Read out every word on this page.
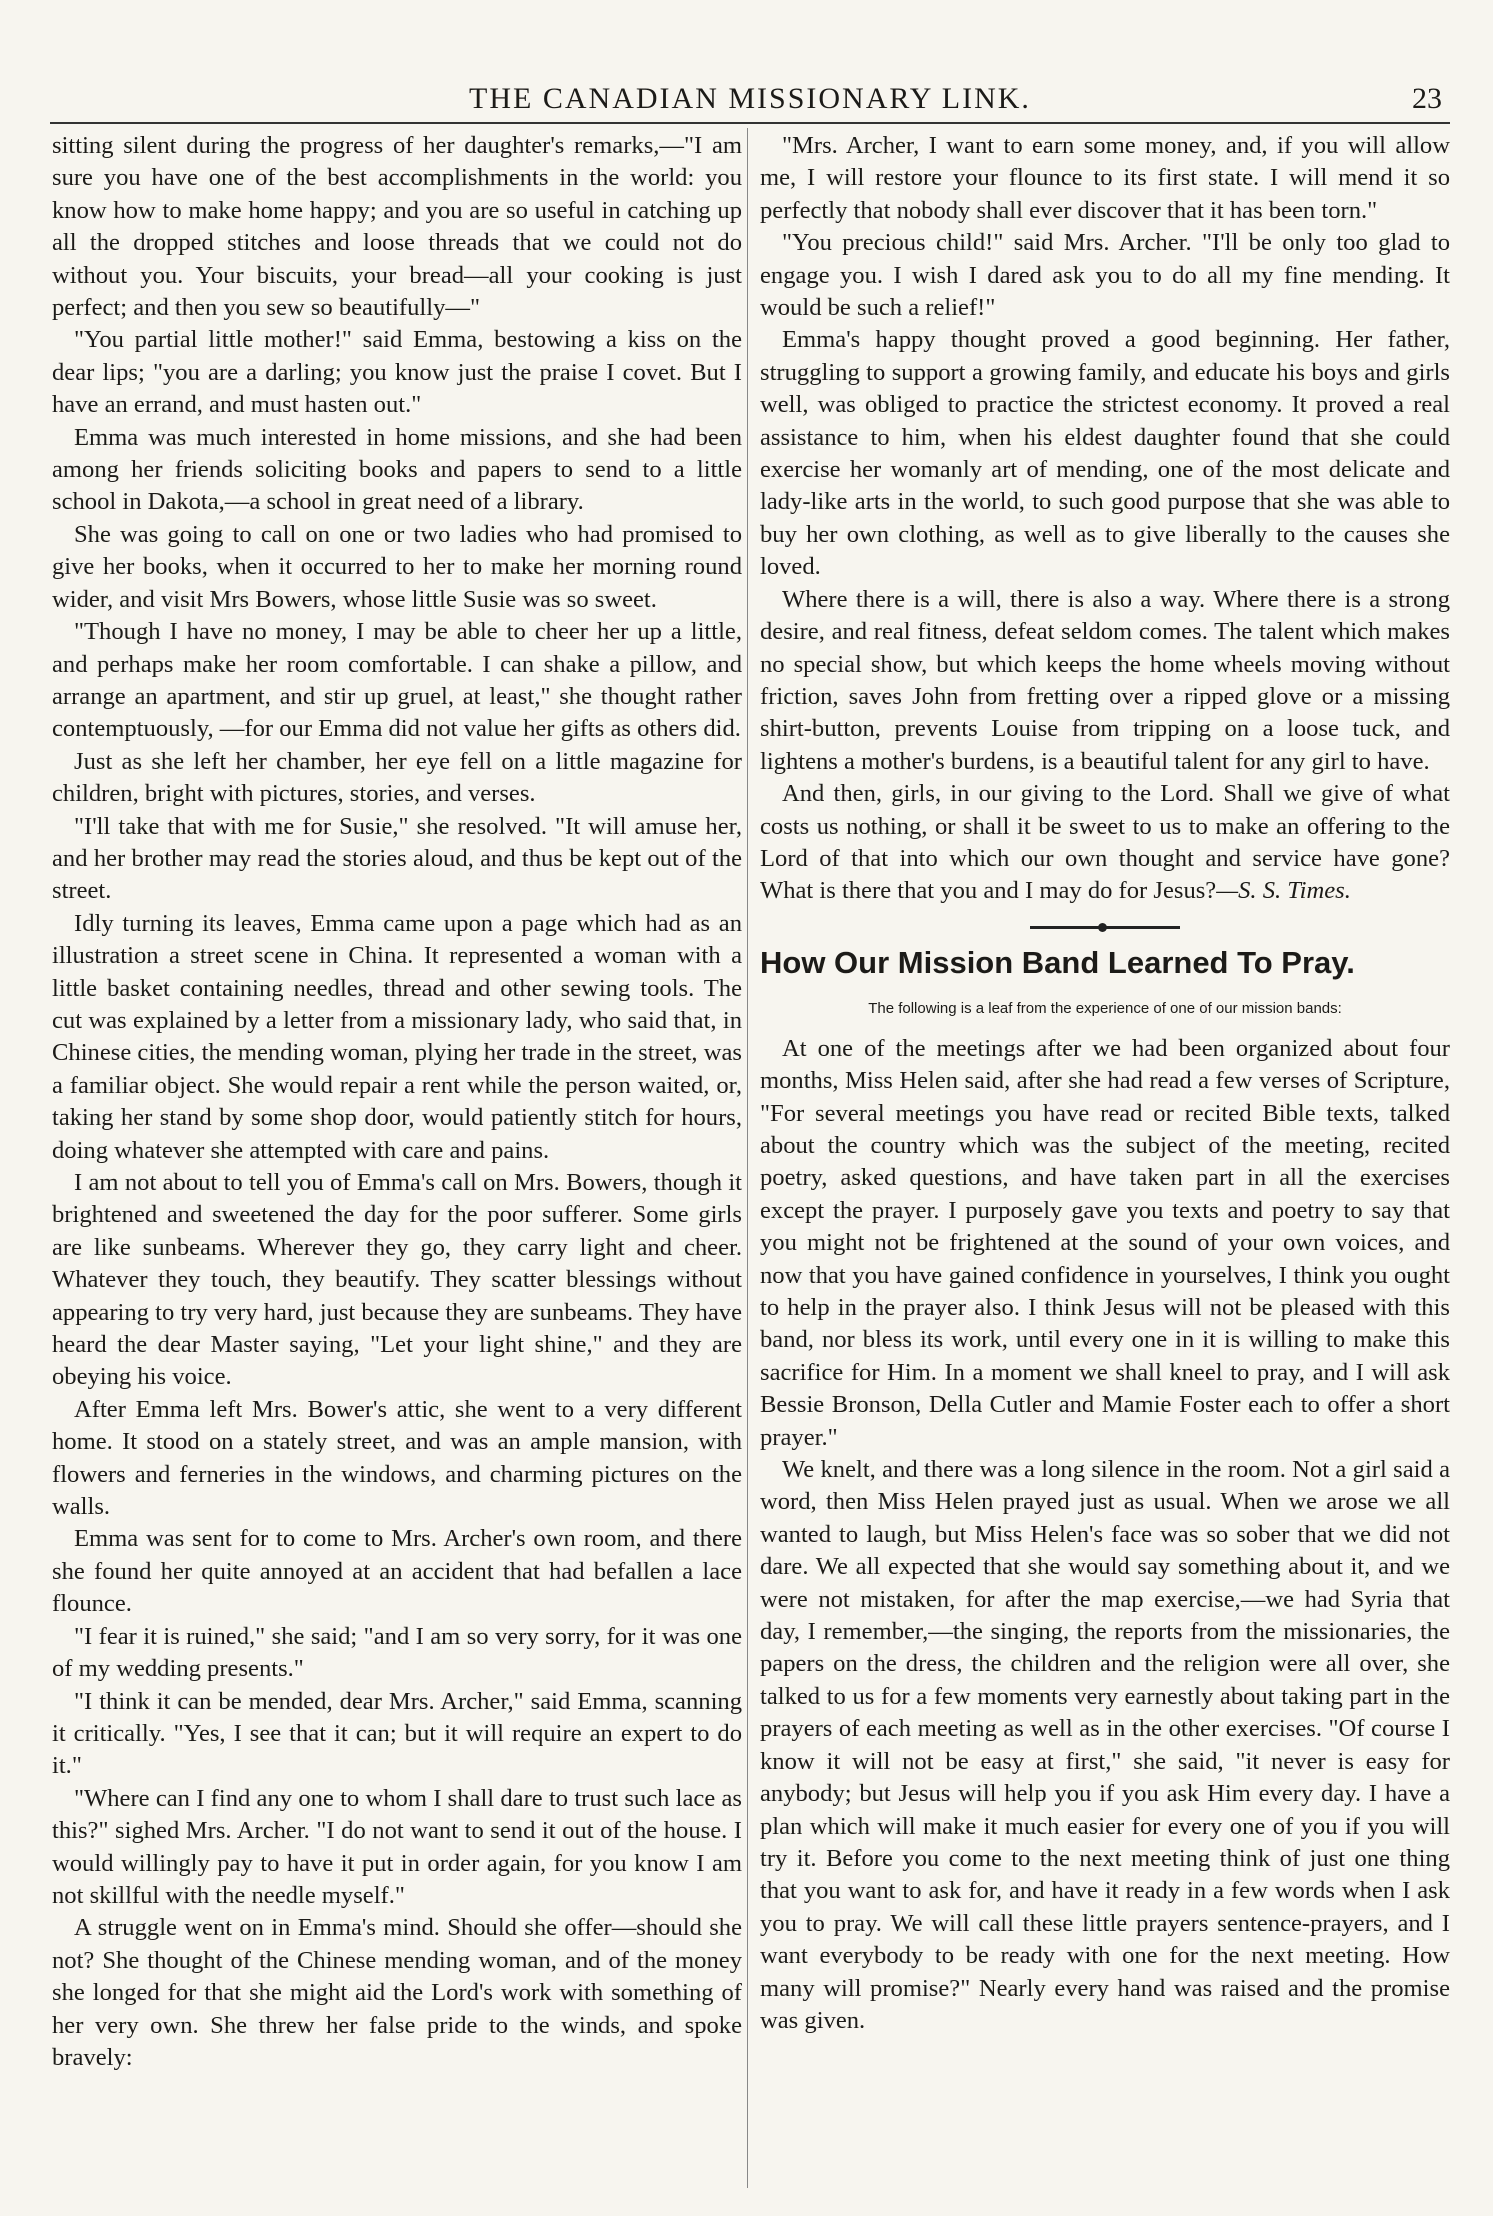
THE CANADIAN MISSIONARY LINK.	23

sitting silent during the progress of her daughter's remarks,—"I am sure you have one of the best accomplishments in the world: you know how to make home happy; and you are so useful in catching up all the dropped stitches and loose threads that we could not do without you. Your biscuits, your bread—all your cooking is just perfect; and then you sew so beautifully—"

"You partial little mother!" said Emma, bestowing a kiss on the dear lips; "you are a darling; you know just the praise I covet. But I have an errand, and must hasten out."

Emma was much interested in home missions, and she had been among her friends soliciting books and papers to send to a little school in Dakota,—a school in great need of a library.

She was going to call on one or two ladies who had promised to give her books, when it occurred to her to make her morning round wider, and visit Mrs Bowers, whose little Susie was so sweet.

"Though I have no money, I may be able to cheer her up a little, and perhaps make her room comfortable. I can shake a pillow, and arrange an apartment, and stir up gruel, at least," she thought rather contemptuously, —for our Emma did not value her gifts as others did.

Just as she left her chamber, her eye fell on a little magazine for children, bright with pictures, stories, and verses.

"I'll take that with me for Susie," she resolved. "It will amuse her, and her brother may read the stories aloud, and thus be kept out of the street.

Idly turning its leaves, Emma came upon a page which had as an illustration a street scene in China. It represented a woman with a little basket containing needles, thread and other sewing tools. The cut was explained by a letter from a missionary lady, who said that, in Chinese cities, the mending woman, plying her trade in the street, was a familiar object. She would repair a rent while the person waited, or, taking her stand by some shop door, would patiently stitch for hours, doing whatever she attempted with care and pains.

I am not about to tell you of Emma's call on Mrs. Bowers, though it brightened and sweetened the day for the poor sufferer. Some girls are like sunbeams. Wherever they go, they carry light and cheer. Whatever they touch, they beautify. They scatter blessings without appearing to try very hard, just because they are sunbeams. They have heard the dear Master saying, "Let your light shine," and they are obeying his voice.

After Emma left Mrs. Bower's attic, she went to a very different home. It stood on a stately street, and was an ample mansion, with flowers and ferneries in the windows, and charming pictures on the walls.

Emma was sent for to come to Mrs. Archer's own room, and there she found her quite annoyed at an accident that had befallen a lace flounce.

"I fear it is ruined," she said; "and I am so very sorry, for it was one of my wedding presents."

"I think it can be mended, dear Mrs. Archer," said Emma, scanning it critically. "Yes, I see that it can; but it will require an expert to do it."

"Where can I find any one to whom I shall dare to trust such lace as this?" sighed Mrs. Archer. "I do not want to send it out of the house. I would willingly pay to have it put in order again, for you know I am not skillful with the needle myself."

A struggle went on in Emma's mind. Should she offer—should she not? She thought of the Chinese mending woman, and of the money she longed for that she might aid the Lord's work with something of her very own. She threw her false pride to the winds, and spoke bravely:

"Mrs. Archer, I want to earn some money, and, if you will allow me, I will restore your flounce to its first state. I will mend it so perfectly that nobody shall ever discover that it has been torn."

"You precious child!" said Mrs. Archer. "I'll be only too glad to engage you. I wish I dared ask you to do all my fine mending. It would be such a relief!"

Emma's happy thought proved a good beginning. Her father, struggling to support a growing family, and educate his boys and girls well, was obliged to practice the strictest economy. It proved a real assistance to him, when his eldest daughter found that she could exercise her womanly art of mending, one of the most delicate and lady-like arts in the world, to such good purpose that she was able to buy her own clothing, as well as to give liberally to the causes she loved.

Where there is a will, there is also a way. Where there is a strong desire, and real fitness, defeat seldom comes. The talent which makes no special show, but which keeps the home wheels moving without friction, saves John from fretting over a ripped glove or a missing shirt-button, prevents Louise from tripping on a loose tuck, and lightens a mother's burdens, is a beautiful talent for any girl to have.

And then, girls, in our giving to the Lord. Shall we give of what costs us nothing, or shall it be sweet to us to make an offering to the Lord of that into which our own thought and service have gone? What is there that you and I may do for Jesus?—S. S. Times.

How Our Mission Band Learned To Pray.
The following is a leaf from the experience of one of our mission bands:

At one of the meetings after we had been organized about four months, Miss Helen said, after she had read a few verses of Scripture, "For several meetings you have read or recited Bible texts, talked about the country which was the subject of the meeting, recited poetry, asked questions, and have taken part in all the exercises except the prayer. I purposely gave you texts and poetry to say that you might not be frightened at the sound of your own voices, and now that you have gained confidence in yourselves, I think you ought to help in the prayer also. I think Jesus will not be pleased with this band, nor bless its work, until every one in it is willing to make this sacrifice for Him. In a moment we shall kneel to pray, and I will ask Bessie Bronson, Della Cutler and Mamie Foster each to offer a short prayer."

We knelt, and there was a long silence in the room. Not a girl said a word, then Miss Helen prayed just as usual. When we arose we all wanted to laugh, but Miss Helen's face was so sober that we did not dare. We all expected that she would say something about it, and we were not mistaken, for after the map exercise,—we had Syria that day, I remember,—the singing, the reports from the missionaries, the papers on the dress, the children and the religion were all over, she talked to us for a few moments very earnestly about taking part in the prayers of each meeting as well as in the other exercises. "Of course I know it will not be easy at first," she said, "it never is easy for anybody; but Jesus will help you if you ask Him every day. I have a plan which will make it much easier for every one of you if you will try it. Before you come to the next meeting think of just one thing that you want to ask for, and have it ready in a few words when I ask you to pray. We will call these little prayers sentence-prayers, and I want everybody to be ready with one for the next meeting. How many will promise?" Nearly every hand was raised and the promise was given.
